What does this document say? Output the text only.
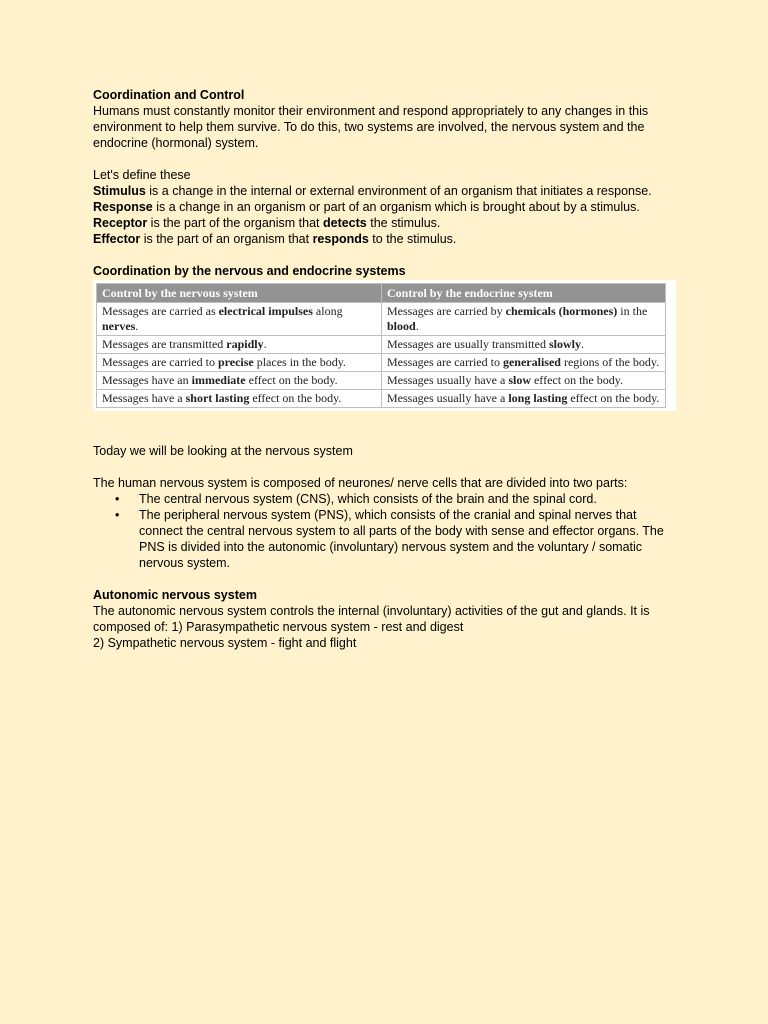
Coordination and Control

Humans must constantly monitor their environment and respond appropriately to any changes in this environment to help them survive. To do this, two systems are involved, the nervous system and the endocrine (hormonal) system.

Let's define these

Stimulus is a change in the internal or external environment of an organism that initiates a response.

Response is a change in an organism or part of an organism which is brought about by a stimulus.

Receptor is the part of the organism that detects the stimulus.

Effector is the part of an organism that responds to the stimulus.

Coordination by the nervous and endocrine systems

Control by the nervous system	Control by the endocrine system
Messages are carried as electrical impulses along nerves.	Messages are carried by chemicals (hormones) in the blood.
Messages are transmitted rapidly.	Messages are usually transmitted slowly.
Messages are carried to precise places in the body.	Messages are carried to generalised regions of the body.
Messages have an immediate effect on the body.	Messages usually have a slow effect on the body.
Messages have a short lasting effect on the body.	Messages usually have a long lasting effect on the body.

Today we will be looking at the nervous system

The human nervous system is composed of neurones/ nerve cells that are divided into two parts:

• The central nervous system (CNS), which consists of the brain and the spinal cord.
• The peripheral nervous system (PNS), which consists of the cranial and spinal nerves that connect the central nervous system to all parts of the body with sense and effector organs. The PNS is divided into the autonomic (involuntary) nervous system and the voluntary / somatic nervous system.

Autonomic nervous system

The autonomic nervous system controls the internal (involuntary) activities of the gut and glands. It is composed of: 1) Parasympathetic nervous system - rest and digest

2) Sympathetic nervous system - fight and flight
